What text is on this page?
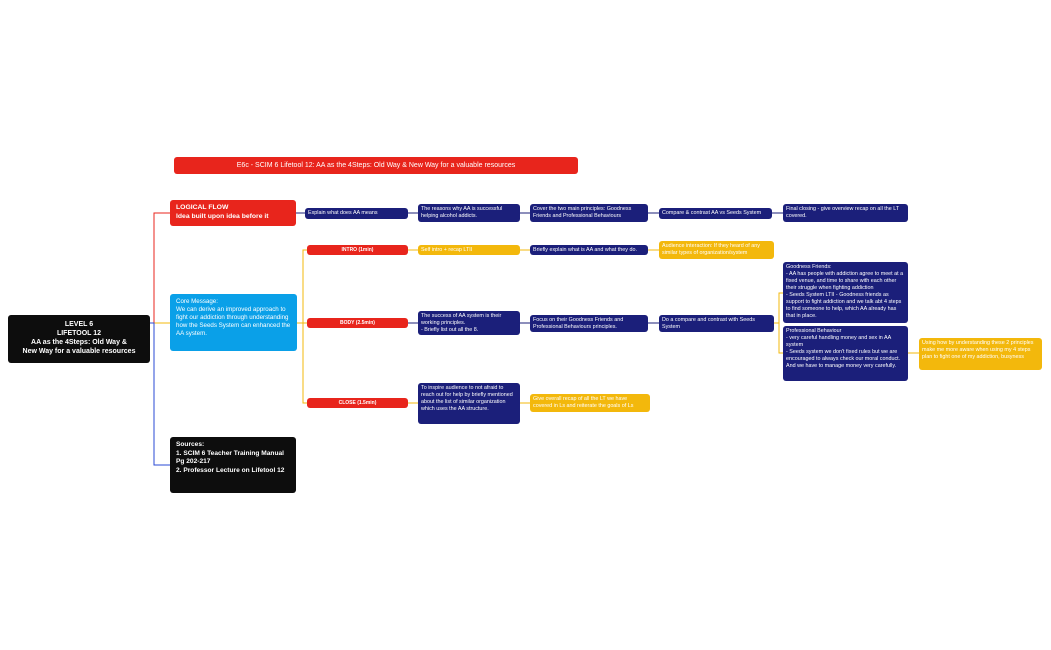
E6c - SCIM 6 Lifetool 12: AA as the 4Steps: Old Way & New Way for a valuable resources
LEVEL 6
LIFETOOL 12
AA as the 4Steps: Old Way &
New Way for a valuable resources
LOGICAL FLOW
Idea built upon idea before it	Explain what does AA means
The reasons why AA is successful helping alcohol addicts.
Cover the two main principles: Goodness Friends and Professional Behaviours
Compare & contrast AA vs Seeds System
Final closing - give overview recap on all the LT covered.
Core Message:
We can derive an improved approach to fight our addiction through understanding how the Seeds System can enhanced the AA system.
INTRO (1min)	Self intro + recap LTII	Briefly explain what is AA and what they do.
Audience interaction: If they heard of any similar types of organization/system
BODY (2.5min)
The success of AA system is their working principles.
- Briefly list out all the 8.
Focus on their Goodness Friends and Professional Behaviours principles.
Do a compare and contrast with Seeds System
Goodness Friends:
- AA has people with addiction agree to meet at a fixed venue, and time to share with each other their struggle when fighting addiction
- Seeds System LTII - Goodness friends as support to fight addiction and we talk abt 4 steps to find someone to help, which AA already has that in place.
Professional Behaviour
- very careful handling money and sex in AA system
- Seeds system we don't fixed rules but we are encouraged to always check our moral conduct. And we have to manage money very carefully.
Using how by understanding these 2 principles make me more aware when using my 4 steps plan to fight one of my addiction, busyness
CLOSE (1.5min)
To inspire audience to not afraid to reach out for help by briefly mentioned about the list of similar organization which uses the AA structure.
Give overall recap of all the LT we have covered in Ls and reiterate the goals of Ls
Sources:
1. SCIM 6 Teacher Training Manual Pg 202-217
2. Professor Lecture on Lifetool 12
